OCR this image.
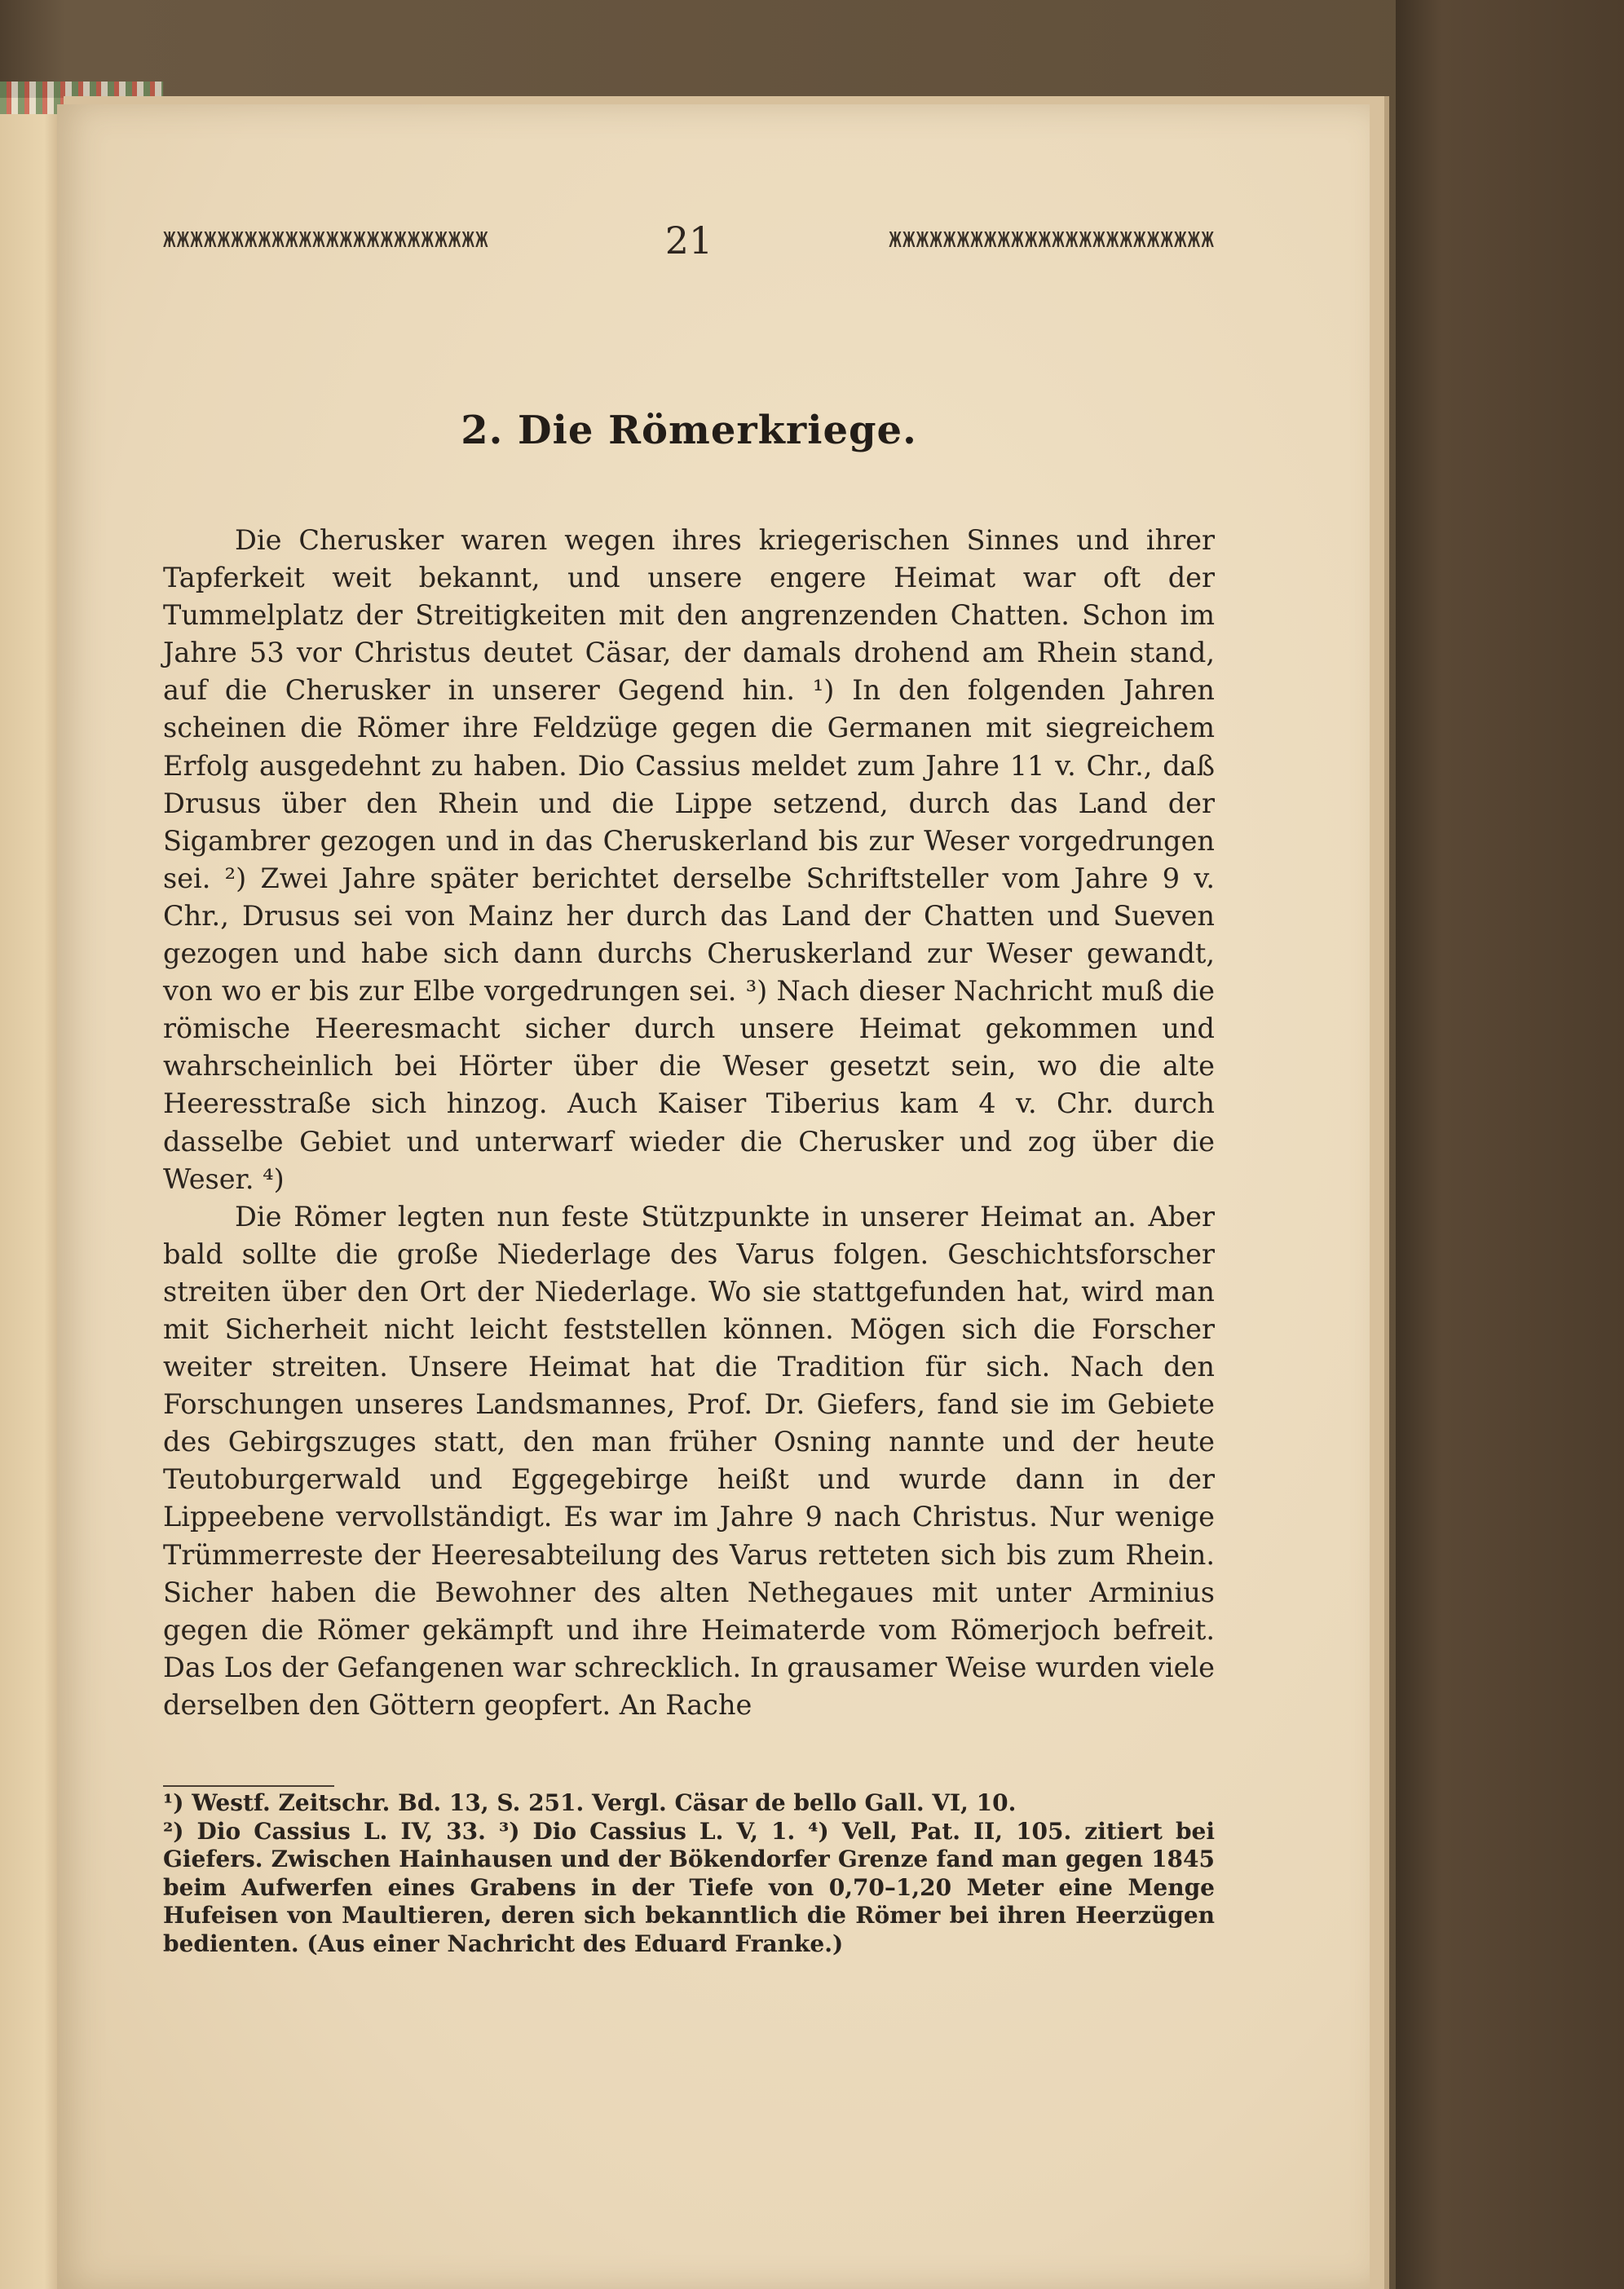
ЖЖЖЖЖЖЖЖЖЖЖЖЖЖЖЖЖЖЖЖЖЖЖЖ	21	ЖЖЖЖЖЖЖЖЖЖЖЖЖЖЖЖЖЖЖЖЖЖЖЖ
2. Die Römerkriege.

Die Cherusker waren wegen ihres kriegerischen Sinnes und ihrer Tapferkeit weit bekannt, und unsere engere Heimat war oft der Tummelplatz der Streitigkeiten mit den angrenzenden Chatten. Schon im Jahre 53 vor Christus deutet Cäsar, der damals drohend am Rhein stand, auf die Cherusker in unserer Gegend hin. ¹) In den folgenden Jahren scheinen die Römer ihre Feldzüge gegen die Germanen mit siegreichem Erfolg ausgedehnt zu haben. Dio Cassius meldet zum Jahre 11 v. Chr., daß Drusus über den Rhein und die Lippe setzend, durch das Land der Sigambrer gezogen und in das Cheruskerland bis zur Weser vorgedrungen sei. ²) Zwei Jahre später berichtet derselbe Schriftsteller vom Jahre 9 v. Chr., Drusus sei von Mainz her durch das Land der Chatten und Sueven gezogen und habe sich dann durchs Cheruskerland zur Weser gewandt, von wo er bis zur Elbe vorgedrungen sei. ³) Nach dieser Nachricht muß die römische Heeresmacht sicher durch unsere Heimat gekommen und wahrscheinlich bei Hörter über die Weser gesetzt sein, wo die alte Heeresstraße sich hinzog. Auch Kaiser Tiberius kam 4 v. Chr. durch dasselbe Gebiet und unterwarf wieder die Cherusker und zog über die Weser. ⁴)

Die Römer legten nun feste Stützpunkte in unserer Heimat an. Aber bald sollte die große Niederlage des Varus folgen. Geschichtsforscher streiten über den Ort der Niederlage. Wo sie stattgefunden hat, wird man mit Sicherheit nicht leicht feststellen können. Mögen sich die Forscher weiter streiten. Unsere Heimat hat die Tradition für sich. Nach den Forschungen unseres Landsmannes, Prof. Dr. Giefers, fand sie im Gebiete des Gebirgszuges statt, den man früher Osning nannte und der heute Teutoburgerwald und Eggegebirge heißt und wurde dann in der Lippeebene vervollständigt. Es war im Jahre 9 nach Christus. Nur wenige Trümmerreste der Heeresabteilung des Varus retteten sich bis zum Rhein. Sicher haben die Bewohner des alten Nethegaues mit unter Arminius gegen die Römer gekämpft und ihre Heimaterde vom Römerjoch befreit. Das Los der Gefangenen war schrecklich. In grausamer Weise wurden viele derselben den Göttern geopfert. An Rache

¹) Westf. Zeitschr. Bd. 13, S. 251. Vergl. Cäsar de bello Gall. VI, 10.

²) Dio Cassius L. IV, 33. ³) Dio Cassius L. V, 1. ⁴) Vell, Pat. II, 105. zitiert bei Giefers. Zwischen Hainhausen und der Bökendorfer Grenze fand man gegen 1845 beim Aufwerfen eines Grabens in der Tiefe von 0,70–1,20 Meter eine Menge Hufeisen von Maultieren, deren sich bekanntlich die Römer bei ihren Heerzügen bedienten. (Aus einer Nachricht des Eduard Franke.)
